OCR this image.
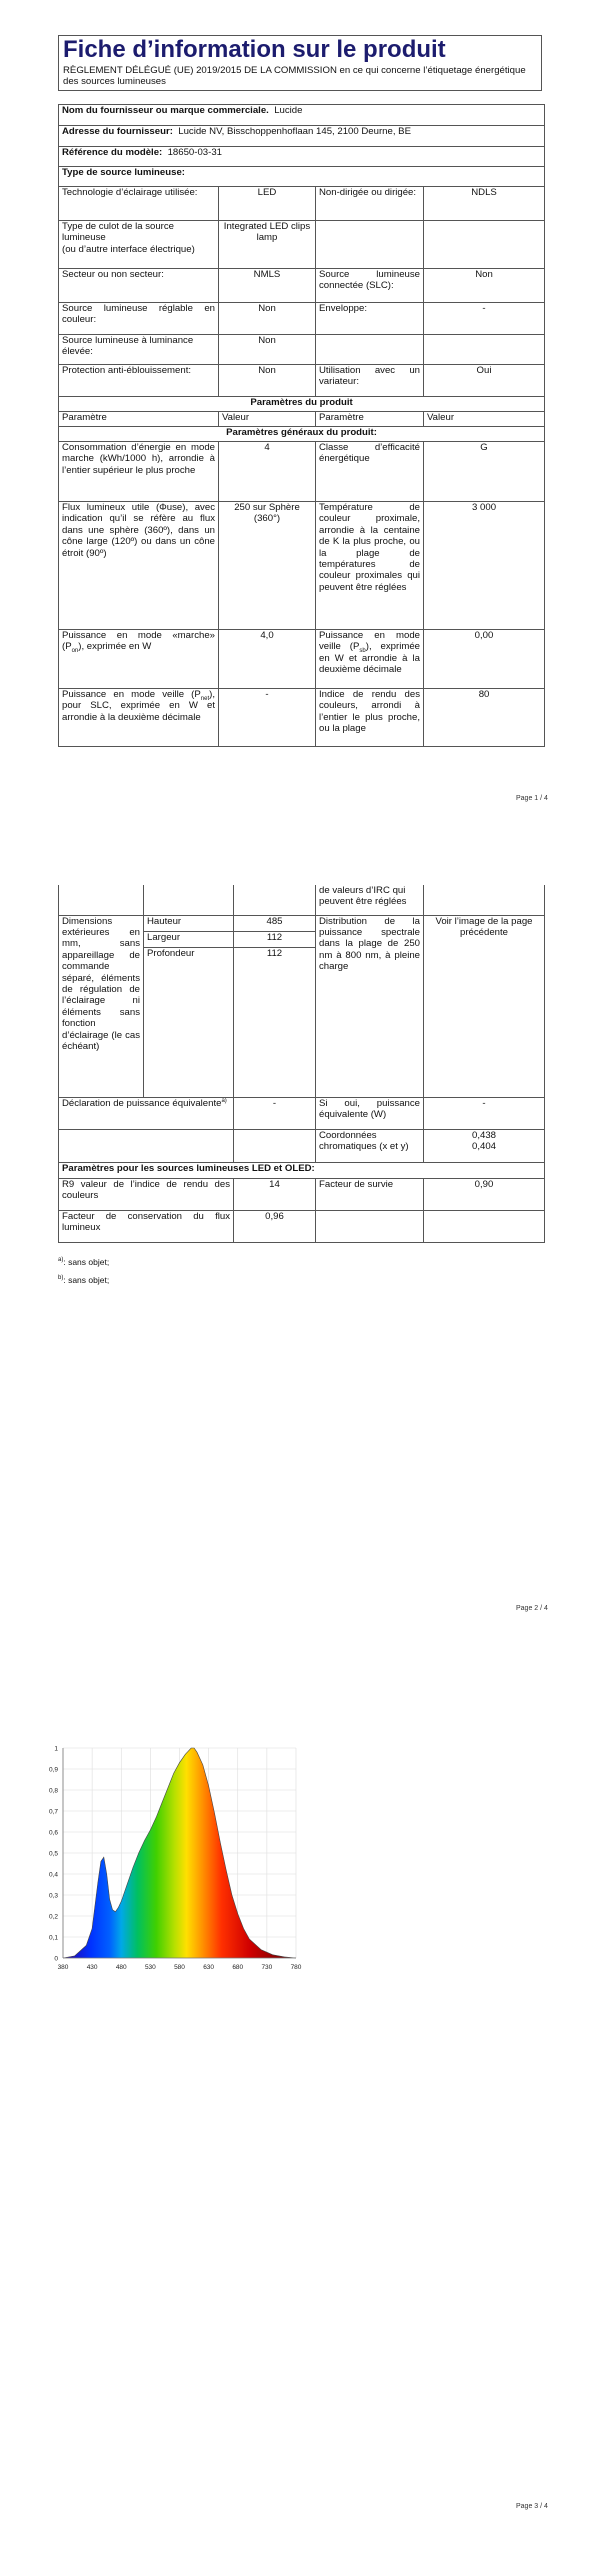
Fiche d’information sur le produit
RÈGLEMENT DÉLÉGUÉ (UE) 2019/2015 DE LA COMMISSION en ce qui concerne l’étiquetage énergétique des sources lumineuses
Nom du fournisseur ou marque commerciale. Lucide			
Adresse du fournisseur: Lucide NV, Bisschoppenhoflaan 145, 2100 Deurne, BE			
Référence du modèle: 18650-03-31			
Type de source lumineuse:			
Technologie d’éclairage utilisée:	LED	Non-dirigée ou dirigée:	NDLS

Type de culot de la source lumineuse
(ou d’autre interface électrique)	Integrated LED clips lamp		
Secteur ou non secteur:	NMLS	Source lumineuse connectée (SLC):	Non
Source lumineuse réglable en couleur:	Non	Enveloppe:	-
Source lumineuse à luminance élevée:	Non		
Protection anti-éblouissement:	Non	Utilisation avec un variateur:	Oui
Paramètres du produit			
Paramètre	Valeur	Paramètre	Valeur
Paramètres généraux du produit:			
Consommation d’énergie en mode marche (kWh/1000 h), arrondie à l’entier supérieur le plus proche	4	Classe d’efficacité énergétique	G
Flux lumineux utile (Φuse), avec indication qu’il se réfère au flux dans une sphère (360º), dans un cône large (120º) ou dans un cône étroit (90º)	250 sur Sphère (360°)	Température de couleur proximale, arrondie à la centaine de K la plus proche, ou la plage de températures de couleur proximales qui peuvent être réglées	3 000
Puissance en mode «marche» $(P_{on})$, exprimée en W	4,0	Puissance en mode veille $(P_{sb})$, exprimée en W et arrondie à la deuxième décimale	0,00
Puissance en mode veille $(P_{net})$, pour SLC, exprimée en W et arrondie à la deuxième décimale	-	Indice de rendu des couleurs, arrondi à l’entier le plus proche, ou la plage	80
Page 1 / 4
			de valeurs d’IRC qui peuvent être réglées	
Dimensions extérieures en mm, sans appareillage de commande séparé, éléments de régulation de l’éclairage ni éléments sans fonction d’éclairage (le cas échéant)	Hauteur	485	Distribution de la puissance spectrale dans la plage de 250 nm à 800 nm, à pleine charge	Voir l’image de la page précédente
	Largeur	112		
	Profondeur	112		
Déclaration de puissance équivalente$^{a)}$		-	Si oui, puissance équivalente (W)	-
			Coordonnées chromatiques (x et y)	0,438
0,404

Paramètres pour les sources lumineuses LED et OLED:				
R9 valeur de l’indice de rendu des couleurs		14	Facteur de survie	0,90
Facteur de conservation du flux lumineux		0,96		
$^{a)}$: sans objet;
$^{b)}$: sans objet;
Page 2 / 4
0
0,1
0,2
0,3
0,4
0,5
0,6
0,7
0,8
0,9
1
380	430	480	530	580	630	680	730	780
Page 3 / 4
